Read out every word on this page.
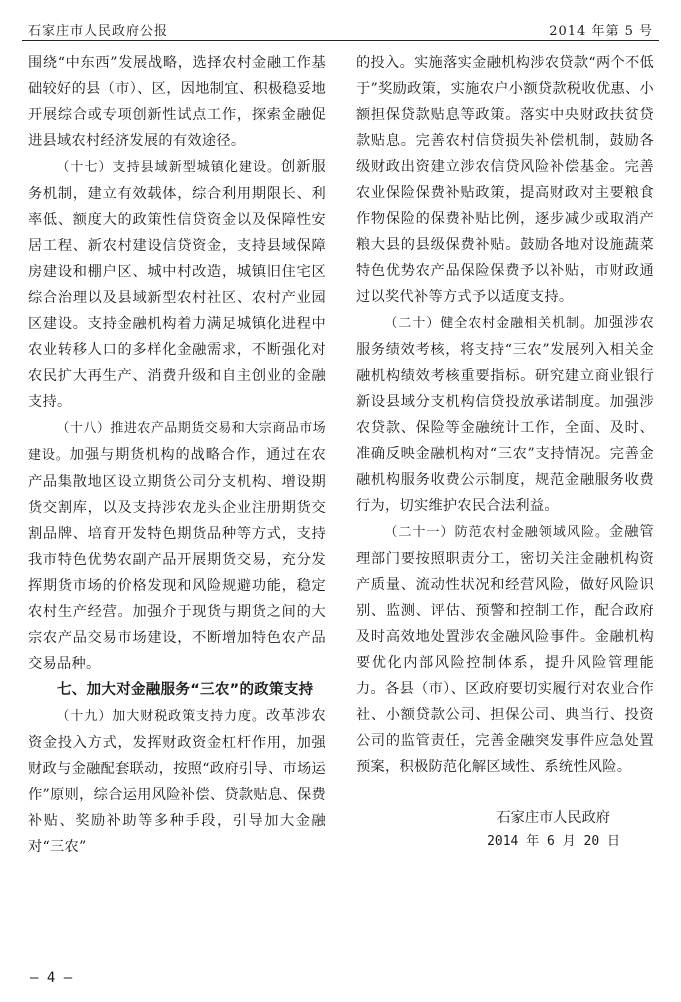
石家庄市人民政府公报	2014 年第 5 号

围绕“中东西”发展战略，选择农村金融工作基础较好的县（市）、区，因地制宜、积极稳妥地开展综合或专项创新性试点工作，探索金融促进县域农村经济发展的有效途径。

（十七）支持县域新型城镇化建设。创新服务机制，建立有效载体，综合利用期限长、利率低、额度大的政策性信贷资金以及保障性安居工程、新农村建设信贷资金，支持县域保障房建设和棚户区、城中村改造，城镇旧住宅区综合治理以及县域新型农村社区、农村产业园区建设。支持金融机构着力满足城镇化进程中农业转移人口的多样化金融需求，不断强化对农民扩大再生产、消费升级和自主创业的金融支持。

（十八）推进农产品期货交易和大宗商品市场建设。加强与期货机构的战略合作，通过在农产品集散地区设立期货公司分支机构、增设期货交割库，以及支持涉农龙头企业注册期货交割品牌、培育开发特色期货品种等方式，支持我市特色优势农副产品开展期货交易，充分发挥期货市场的价格发现和风险规避功能，稳定农村生产经营。加强介于现货与期货之间的大宗农产品交易市场建设，不断增加特色农产品交易品种。

七、加大对金融服务“三农”的政策支持

（十九）加大财税政策支持力度。改革涉农资金投入方式，发挥财政资金杠杆作用，加强财政与金融配套联动，按照“政府引导、市场运作”原则，综合运用风险补偿、贷款贴息、保费补贴、奖励补助等多种手段，引导加大金融对“三农”

的投入。实施落实金融机构涉农贷款“两个不低于”奖励政策，实施农户小额贷款税收优惠、小额担保贷款贴息等政策。落实中央财政扶贫贷款贴息。完善农村信贷损失补偿机制，鼓励各级财政出资建立涉农信贷风险补偿基金。完善农业保险保费补贴政策，提高财政对主要粮食作物保险的保费补贴比例，逐步减少或取消产粮大县的县级保费补贴。鼓励各地对设施蔬菜特色优势农产品保险保费予以补贴，市财政通过以奖代补等方式予以适度支持。

（二十）健全农村金融相关机制。加强涉农服务绩效考核，将支持“三农”发展列入相关金融机构绩效考核重要指标。研究建立商业银行新设县域分支机构信贷投放承诺制度。加强涉农贷款、保险等金融统计工作，全面、及时、准确反映金融机构对“三农”支持情况。完善金融机构服务收费公示制度，规范金融服务收费行为，切实维护农民合法利益。

（二十一）防范农村金融领域风险。金融管理部门要按照职责分工，密切关注金融机构资产质量、流动性状况和经营风险，做好风险识别、监测、评估、预警和控制工作，配合政府及时高效地处置涉农金融风险事件。金融机构要优化内部风险控制体系，提升风险管理能力。各县（市）、区政府要切实履行对农业合作社、小额贷款公司、担保公司、典当行、投资公司的监管责任，完善金融突发事件应急处置预案，积极防范化解区域性、系统性风险。

石家庄市人民政府
2014 年 6 月 20 日
— 4 —
